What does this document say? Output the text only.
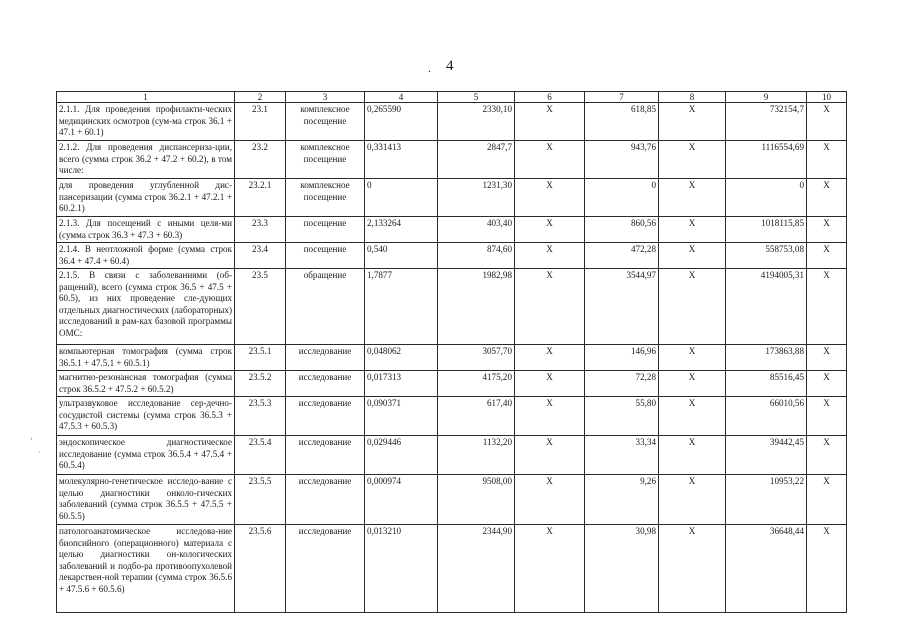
. 4
1	2	3	4	5	6	7	8	9	10
2.1.1. Для проведения профилакти-ческих медицинских осмотров (сум-ма строк 36.1 + 47.1 + 60.1)	23.1	комплексное посещение	0,265590	2330,10	X	618,85	X	732154,7	X
2.1.2. Для проведения диспансериза-ции, всего (сумма строк 36.2 + 47.2 + 60.2), в том числе:	23.2	комплексное посещение	0,331413	2847,7	X	943,76	X	1116554,69	X
для проведения углубленной дис-пансеризации (сумма строк 36.2.1 + 47.2.1 + 60.2.1)	23.2.1	комплексное посещение	0	1231,30	X	0	X	0	X
2.1.3. Для посещений с иными целя-ми (сумма строк 36.3 + 47.3 + 60.3)	23.3	посещение	2,133264	403,40	X	860,56	X	1018115,85	X
2.1.4. В неотложной форме (сумма строк 36.4 + 47.4 + 60.4)	23.4	посещение	0,540	874,60	X	472,28	X	558753,08	X
2.1.5. В связи с заболеваниями (об-ращений), всего (сумма строк 36.5 + 47.5 + 60.5), из них проведение сле-дующих отдельных диагностических (лабораторных) исследований в рам-ках базовой программы ОМС:	23.5	обращение	1,7877	1982,98	X	3544,97	X	4194005,31	X
компьютерная томография (сумма строк 36.5.1 + 47.5.1 + 60.5.1)	23.5.1	исследование	0,048062	3057,70	X	146,96	X	173863,88	X
магнитно-резонансная томография (сумма строк 36.5.2 + 47.5.2 + 60.5.2)	23.5.2	исследование	0,017313	4175,20	X	72,28	X	85516,45	X
ультразвуковое исследование сер-дечно-сосудистой системы (сумма строк 36.5.3 + 47.5.3 + 60.5.3)	23.5.3	исследование	0,090371	617,40	X	55,80	X	66010,56	X
эндоскопическое диагностическое исследование (сумма строк 36.5.4 + 47.5.4 + 60.5.4)	23.5.4	исследование	0,029446	1132,20	X	33,34	X	39442,45	X
молекулярно-генетическое исследо-вание с целью диагностики онколо-гических заболеваний (сумма строк 36.5.5 + 47.5.5 + 60.5.5)	23.5.5	исследование	0,000974	9508,00	X	9,26	X	10953,22	X
патологоанатомическое исследова-ние биопсийного (операционного) материала с целью диагностики он-кологических заболеваний и подбо-ра противоопухолевой лекарствен-ной терапии (сумма строк 36.5.6 + 47.5.6 + 60.5.6)	23.5.6	исследование	0,013210	2344,90	X	30,98	X	36648,44	X
‚
·
